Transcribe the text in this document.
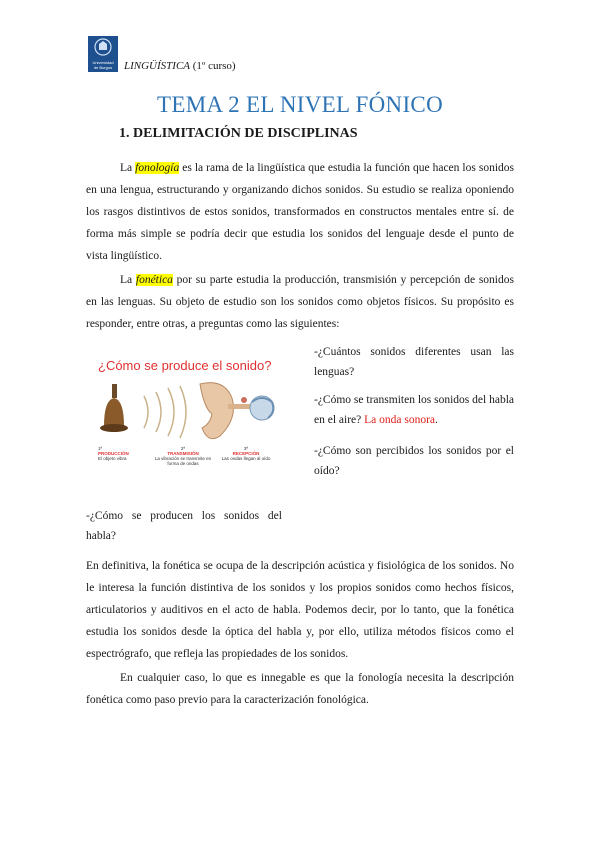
Universidad de Burgos	LINGÜÍSTICA (1º curso)
TEMA 2 EL NIVEL FÓNICO
1. DELIMITACIÓN DE DISCIPLINAS
La fonología es la rama de la lingüística que estudia la función que hacen los sonidos en una lengua, estructurando y organizando dichos sonidos. Su estudio se realiza oponiendo los rasgos distintivos de estos sonidos, transformados en constructos mentales entre sí. de forma más simple se podría decir que estudia los sonidos del lenguaje desde el punto de vista lingüístico.
La fonética por su parte estudia la producción, transmisión y percepción de sonidos en las lenguas. Su objeto de estudio son los sonidos como objetos físicos. Su propósito es responder, entre otras, a preguntas como las siguientes:
¿Cómo se produce el sonido?
1ª
PRODUCCIÓN
El objeto vibra
2ª
TRANSMISIÓN
La vibración se transmite en forma de ondas
3ª
RECEPCIÓN
Las ondas llegan al oído
-¿Cuántos sonidos diferentes usan las lenguas?
-¿Cómo se transmiten los sonidos del habla en el aire? La onda sonora.
-¿Cómo son percibidos los sonidos por el oído?
-¿Cómo se producen los sonidos del habla?
En definitiva, la fonética se ocupa de la descripción acústica y fisiológica de los sonidos. No le interesa la función distintiva de los sonidos y los propios sonidos como hechos físicos, articulatorios y auditivos en el acto de habla. Podemos decir, por lo tanto, que la fonética estudia los sonidos desde la óptica del habla y, por ello, utiliza métodos físicos como el espectrógrafo, que refleja las propiedades de los sonidos.
En cualquier caso, lo que es innegable es que la fonología necesita la descripción fonética como paso previo para la caracterización fonológica.
